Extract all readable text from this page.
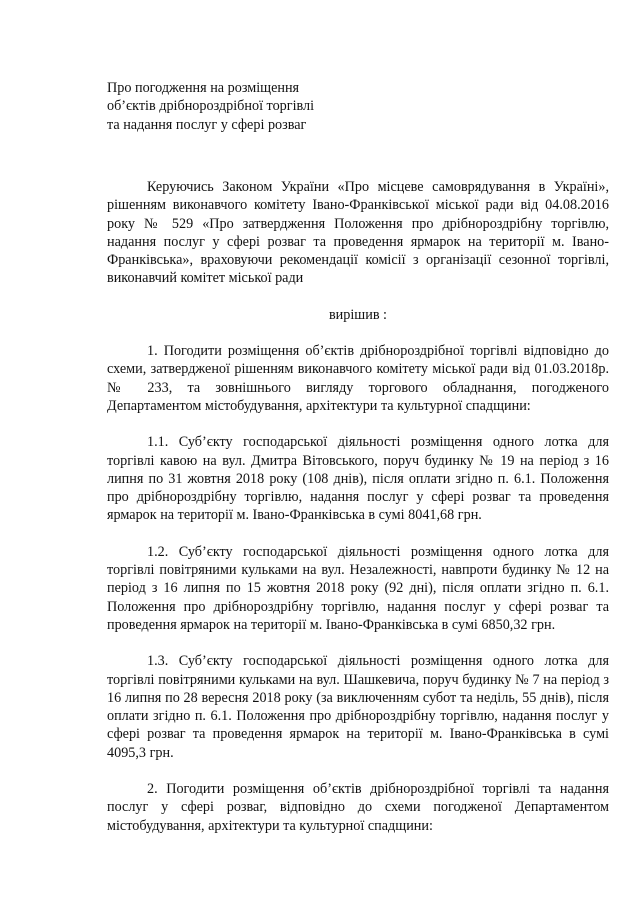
Про погодження на розміщення
об’єктів дрібнороздрібної торгівлі
та надання послуг у сфері розваг

Керуючись Законом України «Про місцеве самоврядування в Україні», рішенням виконавчого комітету Івано-Франківської міської ради від 04.08.2016 року № 529 «Про затвердження Положення про дрібнороздрібну торгівлю, надання послуг у сфері розваг та проведення ярмарок на території м. Івано-Франківська», враховуючи рекомендації комісії з організації сезонної торгівлі, виконавчий комітет міської ради

вирішив :

1. Погодити розміщення об’єктів дрібнороздрібної торгівлі відповідно до схеми, затвердженої рішенням виконавчого комітету міської ради від 01.03.2018р. № 233, та зовнішнього вигляду торгового обладнання, погодженого Департаментом містобудування, архітектури та культурної спадщини:

1.1. Суб’єкту господарської діяльності розміщення одного лотка для торгівлі кавою на вул. Дмитра Вітовського, поруч будинку № 19 на період з 16 липня по 31 жовтня 2018 року (108 днів), після оплати згідно п. 6.1. Положення про дрібнороздрібну торгівлю, надання послуг у сфері розваг та проведення ярмарок на території м. Івано-Франківська в сумі 8041,68 грн.

1.2. Суб’єкту господарської діяльності розміщення одного лотка для торгівлі повітряними кульками на вул. Незалежності, навпроти будинку № 12 на період з 16 липня по 15 жовтня 2018 року (92 дні), після оплати згідно п. 6.1. Положення про дрібнороздрібну торгівлю, надання послуг у сфері розваг та проведення ярмарок на території м. Івано-Франківська в сумі 6850,32 грн.

1.3. Суб’єкту господарської діяльності розміщення одного лотка для торгівлі повітряними кульками на вул. Шашкевича, поруч будинку № 7 на період з 16 липня по 28 вересня 2018 року (за виключенням субот та неділь, 55 днів), після оплати згідно п. 6.1. Положення про дрібнороздрібну торгівлю, надання послуг у сфері розваг та проведення ярмарок на території м. Івано-Франківська в сумі 4095,3 грн.

2. Погодити розміщення об’єктів дрібнороздрібної торгівлі та надання послуг у сфері розваг, відповідно до схеми погодженої Департаментом містобудування, архітектури та культурної спадщини:
